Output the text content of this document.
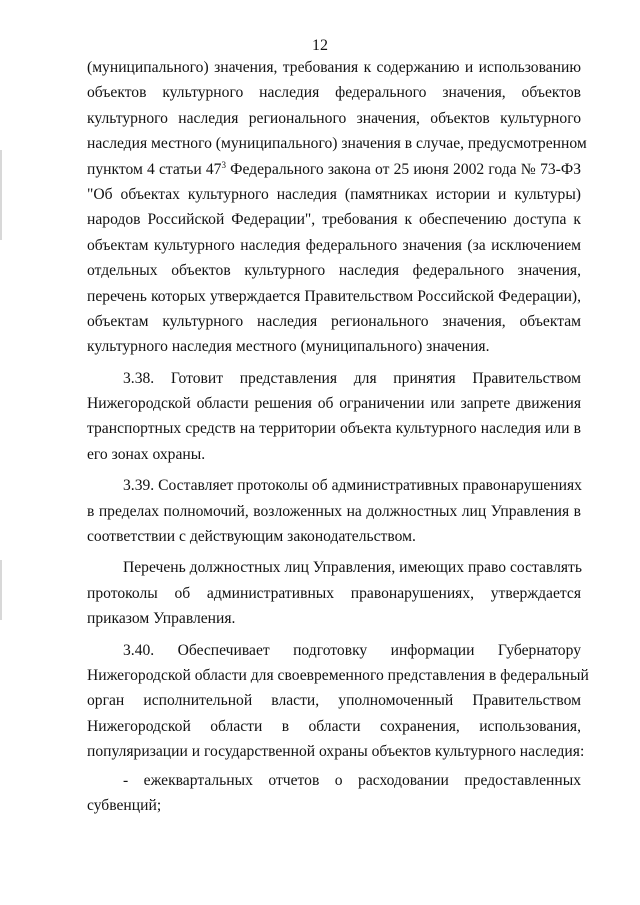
12
(муниципального) значения, требования к содержанию и использованию
объектов культурного наследия федерального значения, объектов
культурного наследия регионального значения, объектов культурного
наследия местного (муниципального) значения в случае, предусмотренном
пунктом 4 статьи $47^3$ Федерального закона от 25 июня 2002 года № 73-ФЗ
"Об объектах культурного наследия (памятниках истории и культуры)
народов Российской Федерации", требования к обеспечению доступа к
объектам культурного наследия федерального значения (за исключением
отдельных объектов культурного наследия федерального значения,
перечень которых утверждается Правительством Российской Федерации),
объектам культурного наследия регионального значения, объектам
культурного наследия местного (муниципального) значения.
3.38. Готовит представления для принятия Правительством
Нижегородской области решения об ограничении или запрете движения
транспортных средств на территории объекта культурного наследия или в
его зонах охраны.
3.39. Составляет протоколы об административных правонарушениях
в пределах полномочий, возложенных на должностных лиц Управления в
соответствии с действующим законодательством.
Перечень должностных лиц Управления, имеющих право составлять
протоколы об административных правонарушениях, утверждается
приказом Управления.
3.40. Обеспечивает подготовку информации Губернатору
Нижегородской области для своевременного представления в федеральный
орган исполнительной власти, уполномоченный Правительством
Нижегородской области в области сохранения, использования,
популяризации и государственной охраны объектов культурного наследия:
- ежеквартальных отчетов о расходовании предоставленных
субвенций;
